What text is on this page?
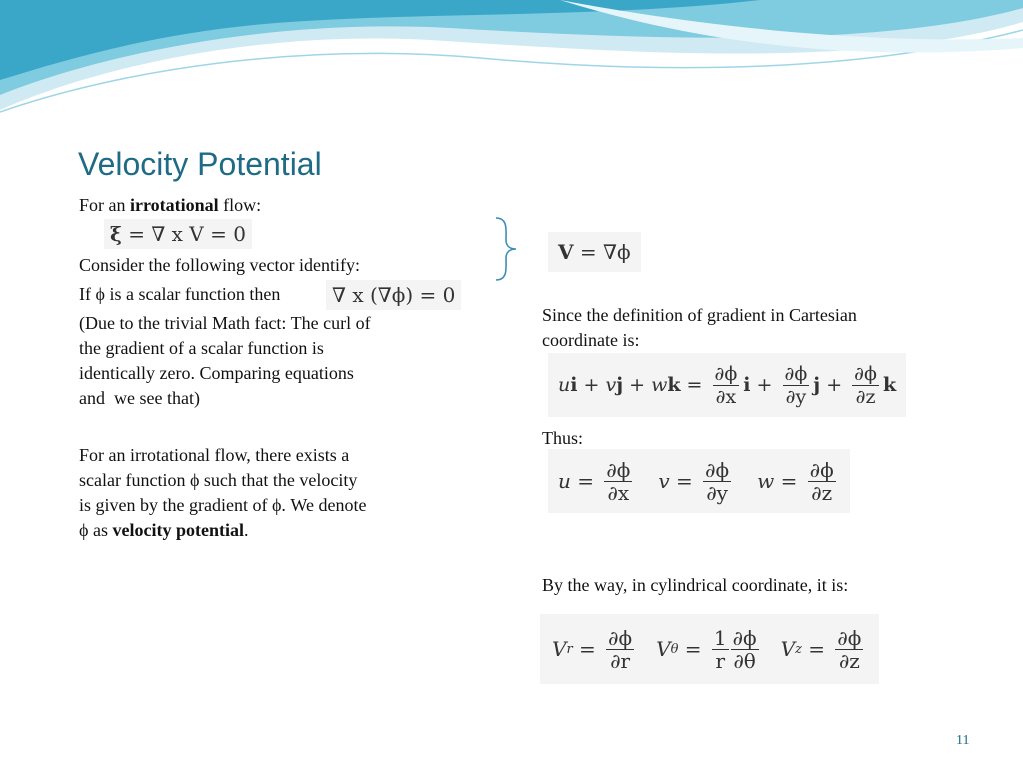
Velocity Potential
For an irrotational flow:
ξ = ∇ x V = 0
Consider the following vector identify:
If ϕ is a scalar function then	∇ x (∇ϕ) = 0
(Due to the trivial Math fact: The curl of
the gradient of a scalar function is
identically zero. Comparing equations
and  we see that)
For an irrotational flow, there exists a
scalar function ϕ such that the velocity
is given by the gradient of ϕ. We denote
ϕ as velocity potential.
V = ∇ϕ
Since the definition of gradient in Cartesian
coordinate is:
u i + v j + w $k = \frac{\partial\phi}{\partial x}$ $i + \frac{\partial\phi}{\partial y}$ $j + \frac{\partial\phi}{\partial z}$ k
Thus:
$u = \frac{\partial\phi}{\partial x}$ $v = \frac{\partial\phi}{\partial y}$ $w = \frac{\partial\phi}{\partial z}$
By the way, in cylindrical coordinate, it is:
V $r = \frac{\partial\phi}{\partial r}$ V $\theta = \frac{1}{r} \frac{\partial\phi}{\partial\theta}$ V $z = \frac{\partial\phi}{\partial z}$
11
